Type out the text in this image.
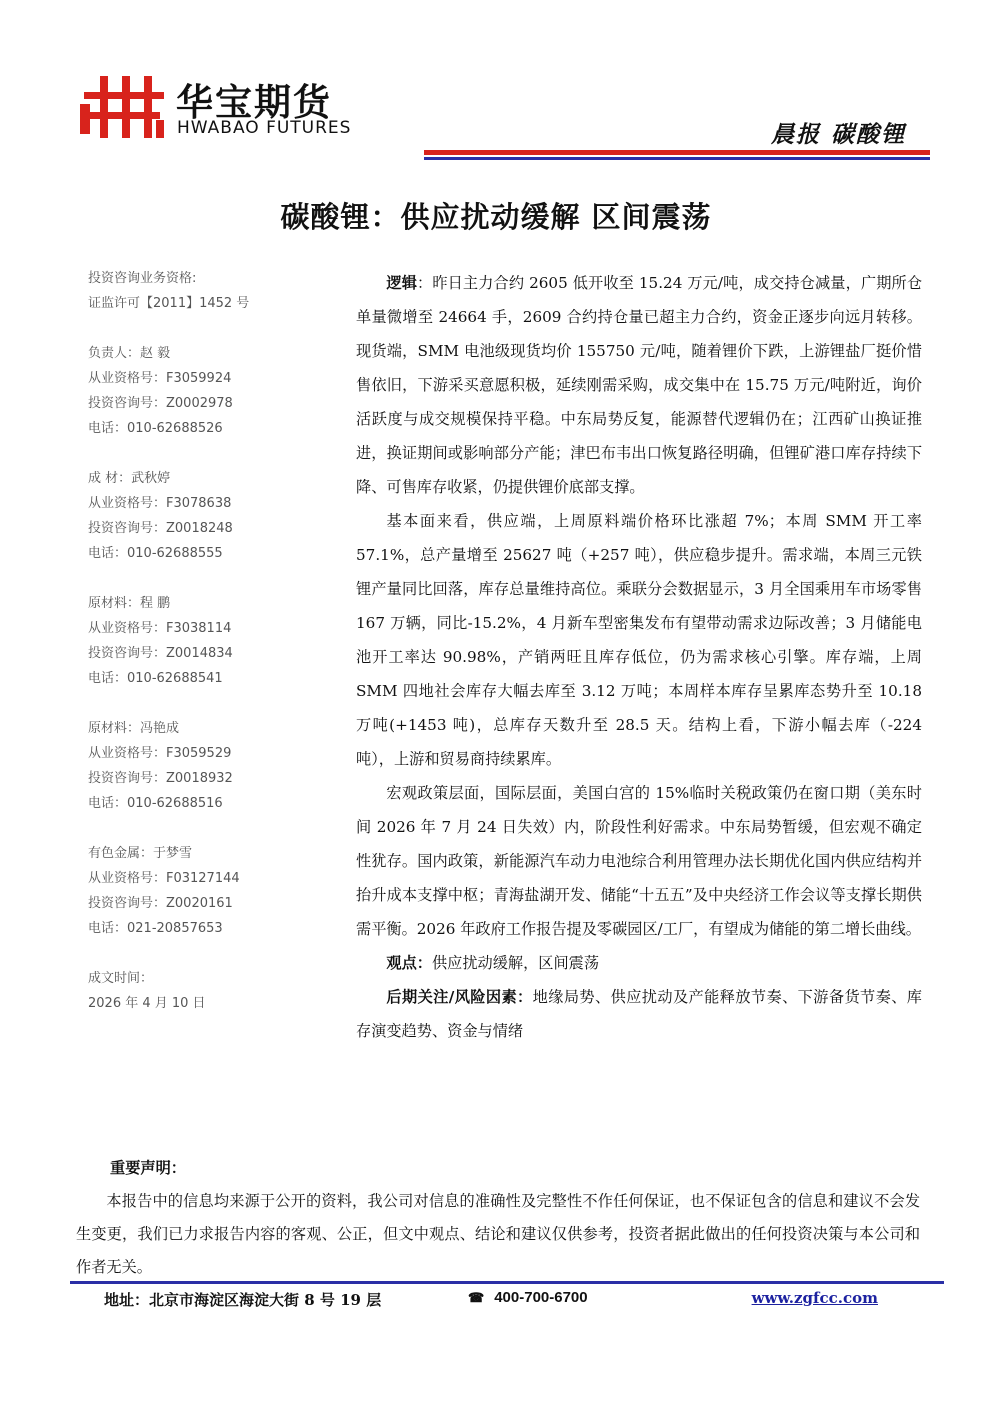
华宝期货
HWABAO FUTURES	晨报 碳酸锂
碳酸锂：供应扰动缓解 区间震荡
投资咨询业务资格:
证监许可【2011】1452 号
负责人：赵 毅
从业资格号：F3059924
投资咨询号：Z0002978
电话：010-62688526
成 材：武秋婷
从业资格号：F3078638
投资咨询号：Z0018248
电话：010-62688555
原材料：程 鹏
从业资格号：F3038114
投资咨询号：Z0014834
电话：010-62688541
原材料：冯艳成
从业资格号：F3059529
投资咨询号：Z0018932
电话：010-62688516
有色金属：于梦雪
从业资格号：F03127144
投资咨询号：Z0020161
电话：021-20857653
成文时间：
2026 年 4 月 10 日

逻辑：昨日主力合约 2605 低开收至 15.24 万元/吨，成交持仓减量，广期所仓单量微增至 24664 手，2609 合约持仓量已超主力合约，资金正逐步向远月转移。现货端，SMM 电池级现货均价 155750 元/吨，随着锂价下跌，上游锂盐厂挺价惜售依旧，下游采买意愿积极，延续刚需采购，成交集中在 15.75 万元/吨附近，询价活跃度与成交规模保持平稳。中东局势反复，能源替代逻辑仍在；江西矿山换证推进，换证期间或影响部分产能；津巴布韦出口恢复路径明确，但锂矿港口库存持续下降、可售库存收紧，仍提供锂价底部支撑。

基本面来看，供应端，上周原料端价格环比涨超 7%；本周 SMM 开工率 57.1%，总产量增至 25627 吨（+257 吨），供应稳步提升。需求端，本周三元铁锂产量同比回落，库存总量维持高位。乘联分会数据显示，3 月全国乘用车市场零售 167 万辆，同比-15.2%，4 月新车型密集发布有望带动需求边际改善；3 月储能电池开工率达 90.98%，产销两旺且库存低位，仍为需求核心引擎。库存端，上周 SMM 四地社会库存大幅去库至 3.12 万吨；本周样本库存呈累库态势升至 10.18 万吨(+1453 吨)，总库存天数升至 28.5 天。结构上看，下游小幅去库（-224 吨），上游和贸易商持续累库。

宏观政策层面，国际层面，美国白宫的 15%临时关税政策仍在窗口期（美东时间 2026 年 7 月 24 日失效）内，阶段性利好需求。中东局势暂缓，但宏观不确定性犹存。国内政策，新能源汽车动力电池综合利用管理办法长期优化国内供应结构并抬升成本支撑中枢；青海盐湖开发、储能“十五五”及中央经济工作会议等支撑长期供需平衡。2026 年政府工作报告提及零碳园区/工厂，有望成为储能的第二增长曲线。

观点：供应扰动缓解，区间震荡

后期关注/风险因素：地缘局势、供应扰动及产能释放节奏、下游备货节奏、库存演变趋势、资金与情绪

重要声明：

本报告中的信息均来源于公开的资料，我公司对信息的准确性及完整性不作任何保证，也不保证包含的信息和建议不会发生变更，我们已力求报告内容的客观、公正，但文中观点、结论和建议仅供参考，投资者据此做出的任何投资决策与本公司和作者无关。

地址：北京市海淀区海淀大街 8 号 19 层	☎ 400-700-6700	www.zgfcc.com
